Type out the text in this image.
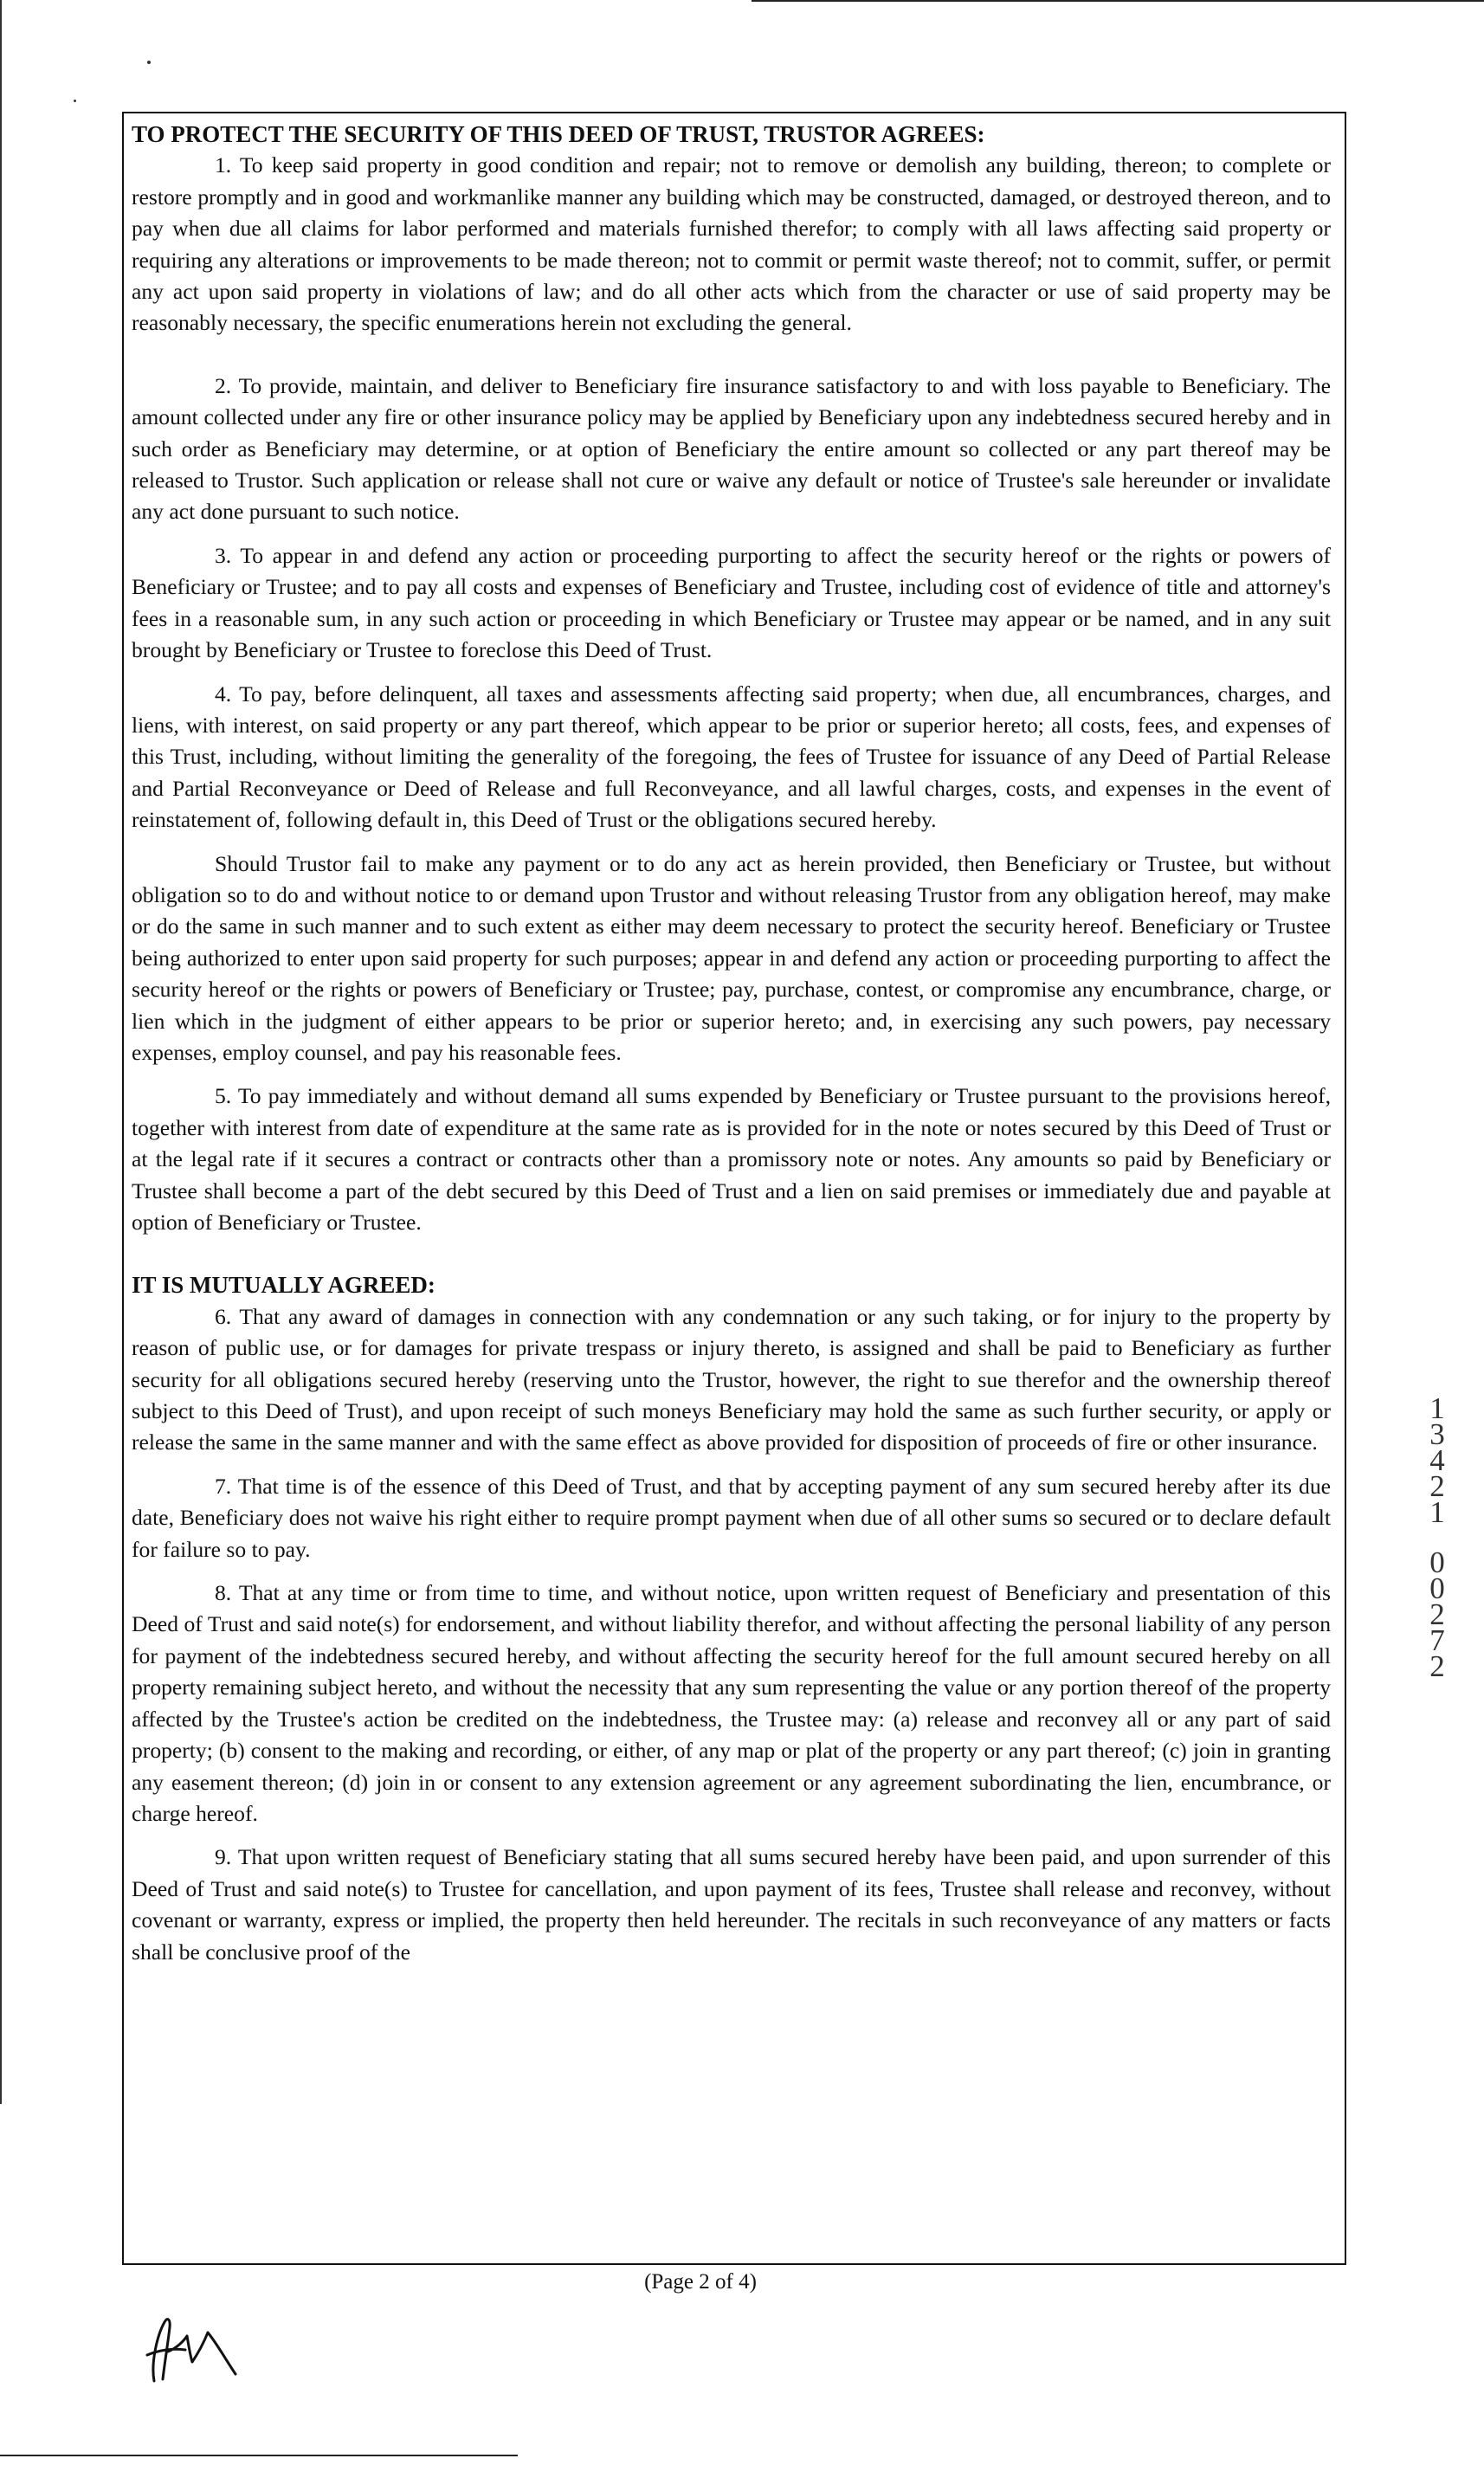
TO PROTECT THE SECURITY OF THIS DEED OF TRUST, TRUSTOR AGREES:

1. To keep said property in good condition and repair; not to remove or demolish any building, thereon; to complete or restore promptly and in good and workmanlike manner any building which may be constructed, damaged, or destroyed thereon, and to pay when due all claims for labor performed and materials furnished therefor; to comply with all laws affecting said property or requiring any alterations or improvements to be made thereon; not to commit or permit waste thereof; not to commit, suffer, or permit any act upon said property in violations of law; and do all other acts which from the character or use of said property may be reasonably necessary, the specific enumerations herein not excluding the general.

2. To provide, maintain, and deliver to Beneficiary fire insurance satisfactory to and with loss payable to Beneficiary. The amount collected under any fire or other insurance policy may be applied by Beneficiary upon any indebtedness secured hereby and in such order as Beneficiary may determine, or at option of Beneficiary the entire amount so collected or any part thereof may be released to Trustor. Such application or release shall not cure or waive any default or notice of Trustee's sale hereunder or invalidate any act done pursuant to such notice.

3. To appear in and defend any action or proceeding purporting to affect the security hereof or the rights or powers of Beneficiary or Trustee; and to pay all costs and expenses of Beneficiary and Trustee, including cost of evidence of title and attorney's fees in a reasonable sum, in any such action or proceeding in which Beneficiary or Trustee may appear or be named, and in any suit brought by Beneficiary or Trustee to foreclose this Deed of Trust.

4. To pay, before delinquent, all taxes and assessments affecting said property; when due, all encumbrances, charges, and liens, with interest, on said property or any part thereof, which appear to be prior or superior hereto; all costs, fees, and expenses of this Trust, including, without limiting the generality of the foregoing, the fees of Trustee for issuance of any Deed of Partial Release and Partial Reconveyance or Deed of Release and full Reconveyance, and all lawful charges, costs, and expenses in the event of reinstatement of, following default in, this Deed of Trust or the obligations secured hereby.

Should Trustor fail to make any payment or to do any act as herein provided, then Beneficiary or Trustee, but without obligation so to do and without notice to or demand upon Trustor and without releasing Trustor from any obligation hereof, may make or do the same in such manner and to such extent as either may deem necessary to protect the security hereof. Beneficiary or Trustee being authorized to enter upon said property for such purposes; appear in and defend any action or proceeding purporting to affect the security hereof or the rights or powers of Beneficiary or Trustee; pay, purchase, contest, or compromise any encumbrance, charge, or lien which in the judgment of either appears to be prior or superior hereto; and, in exercising any such powers, pay necessary expenses, employ counsel, and pay his reasonable fees.

5. To pay immediately and without demand all sums expended by Beneficiary or Trustee pursuant to the provisions hereof, together with interest from date of expenditure at the same rate as is provided for in the note or notes secured by this Deed of Trust or at the legal rate if it secures a contract or contracts other than a promissory note or notes. Any amounts so paid by Beneficiary or Trustee shall become a part of the debt secured by this Deed of Trust and a lien on said premises or immediately due and payable at option of Beneficiary or Trustee.

IT IS MUTUALLY AGREED:

6. That any award of damages in connection with any condemnation or any such taking, or for injury to the property by reason of public use, or for damages for private trespass or injury thereto, is assigned and shall be paid to Beneficiary as further security for all obligations secured hereby (reserving unto the Trustor, however, the right to sue therefor and the ownership thereof subject to this Deed of Trust), and upon receipt of such moneys Beneficiary may hold the same as such further security, or apply or release the same in the same manner and with the same effect as above provided for disposition of proceeds of fire or other insurance.

7. That time is of the essence of this Deed of Trust, and that by accepting payment of any sum secured hereby after its due date, Beneficiary does not waive his right either to require prompt payment when due of all other sums so secured or to declare default for failure so to pay.

8. That at any time or from time to time, and without notice, upon written request of Beneficiary and presentation of this Deed of Trust and said note(s) for endorsement, and without liability therefor, and without affecting the personal liability of any person for payment of the indebtedness secured hereby, and without affecting the security hereof for the full amount secured hereby on all property remaining subject hereto, and without the necessity that any sum representing the value or any portion thereof of the property affected by the Trustee's action be credited on the indebtedness, the Trustee may: (a) release and reconvey all or any part of said property; (b) consent to the making and recording, or either, of any map or plat of the property or any part thereof; (c) join in granting any easement thereon; (d) join in or consent to any extension agreement or any agreement subordinating the lien, encumbrance, or charge hereof.

9. That upon written request of Beneficiary stating that all sums secured hereby have been paid, and upon surrender of this Deed of Trust and said note(s) to Trustee for cancellation, and upon payment of its fees, Trustee shall release and reconvey, without covenant or warranty, express or implied, the property then held hereunder. The recitals in such reconveyance of any matters or facts shall be conclusive proof of the

1
3
4
2
1
0
0
2
7
2
(Page 2 of 4)
